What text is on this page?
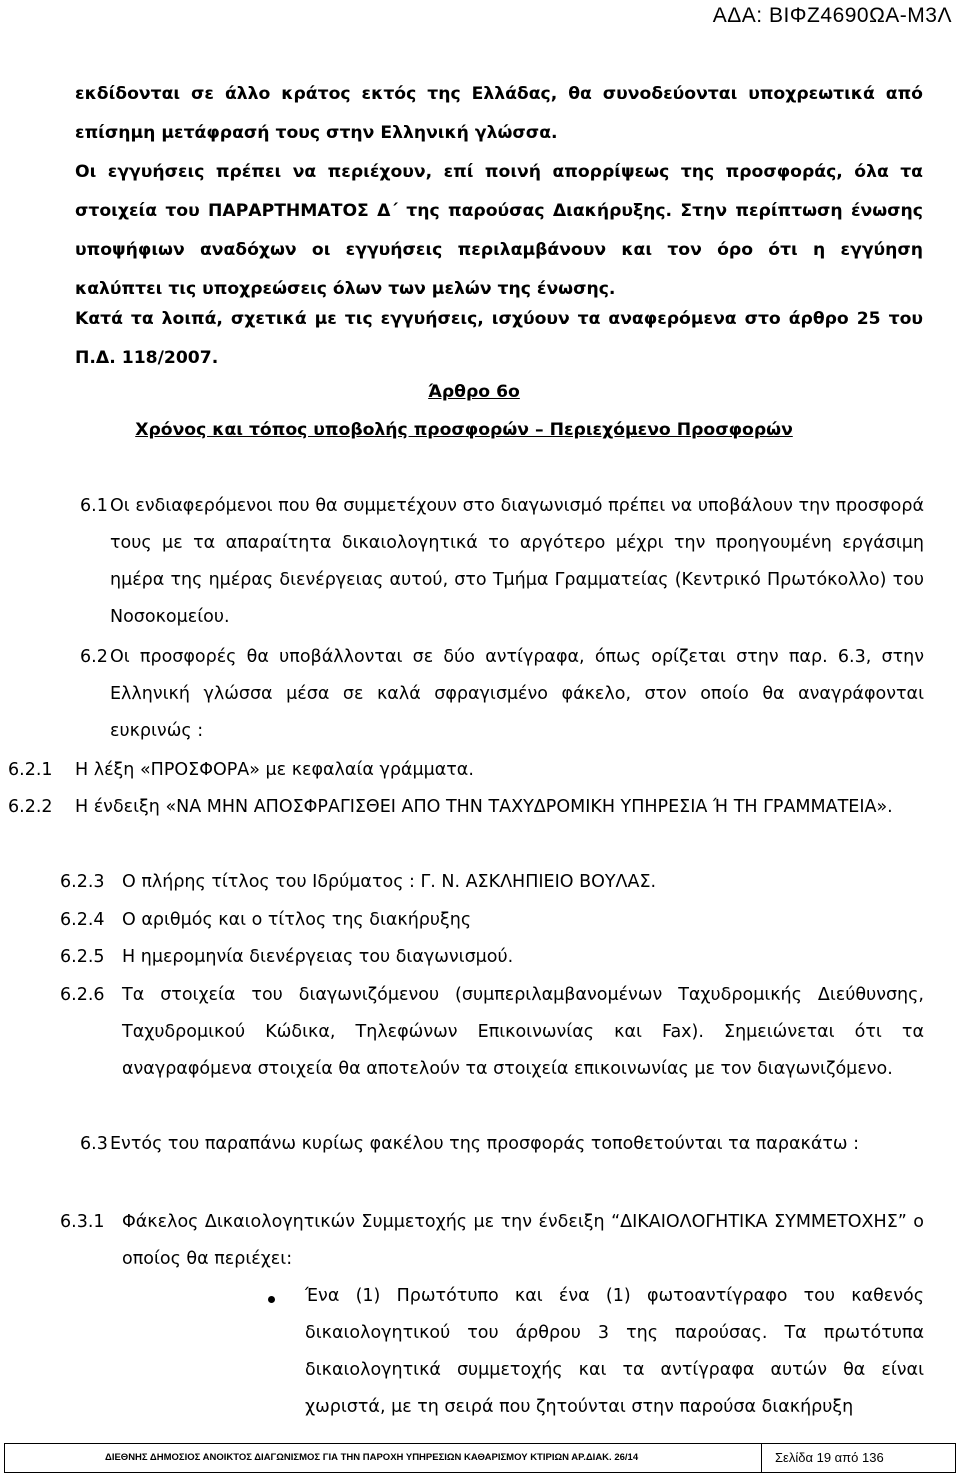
ΑΔΑ: ΒΙΦΖ4690ΩΑ-Μ3Λ
εκδίδονται σε άλλο κράτος εκτός της Ελλάδας, θα συνοδεύονται υποχρεωτικά από
επίσημη μετάφρασή τους στην Ελληνική γλώσσα.

Οι εγγυήσεις πρέπει να περιέχουν, επί ποινή απορρίψεως της προσφοράς, όλα τα στοιχεία του ΠΑΡΑΡΤΗΜΑΤΟΣ Δ΄ της παρούσας Διακήρυξης. Στην περίπτωση ένωσης υποψήφιων αναδόχων οι εγγυήσεις περιλαμβάνουν και τον όρο ότι η εγγύηση καλύπτει τις υποχρεώσεις όλων των μελών της ένωσης.

Κατά τα λοιπά, σχετικά με τις εγγυήσεις, ισχύουν τα αναφερόμενα στο άρθρο 25 του Π.Δ. 118/2007.

Άρθρο 6ο
Χρόνος και τόπος υποβολής προσφορών – Περιεχόμενο Προσφορών
6.1 Οι ενδιαφερόμενοι που θα συμμετέχουν στο διαγωνισμό πρέπει να υποβάλουν την προσφορά τους με τα απαραίτητα δικαιολογητικά το αργότερο μέχρι την προηγουμένη εργάσιμη ημέρα της ημέρας διενέργειας αυτού, στο Τμήμα Γραμματείας (Κεντρικό Πρωτόκολλο) του Νοσοκομείου.

6.2 Οι προσφορές θα υποβάλλονται σε δύο αντίγραφα, όπως ορίζεται στην παρ. 6.3, στην Ελληνική γλώσσα μέσα σε καλά σφραγισμένο φάκελο, στον οποίο θα αναγράφονται ευκρινώς :

6.2.1 Η λέξη «ΠΡΟΣΦΟΡΑ» με κεφαλαία γράμματα.
6.2.2 Η ένδειξη «ΝΑ ΜΗΝ ΑΠΟΣΦΡΑΓΙΣΘΕΙ ΑΠΟ ΤΗΝ ΤΑΧΥΔΡΟΜΙΚΗ ΥΠΗΡΕΣΙΑ Ή ΤΗ ΓΡΑΜΜΑΤΕΙΑ».

6.2.3 Ο πλήρης τίτλος του Ιδρύματος : Γ. Ν. ΑΣΚΛΗΠΙΕΙΟ ΒΟΥΛΑΣ.
6.2.4 Ο αριθμός και ο τίτλος της διακήρυξης
6.2.5 Η ημερομηνία διενέργειας του διαγωνισμού.
6.2.6 Τα στοιχεία του διαγωνιζόμενου (συμπεριλαμβανομένων Ταχυδρομικής Διεύθυνσης, Ταχυδρομικού Κώδικα, Τηλεφώνων Επικοινωνίας και Fax). Σημειώνεται ότι τα αναγραφόμενα στοιχεία θα αποτελούν τα στοιχεία επικοινωνίας με τον διαγωνιζόμενο.

6.3 Εντός του παραπάνω κυρίως φακέλου της προσφοράς τοποθετούνται τα παρακάτω :

6.3.1 Φάκελος Δικαιολογητικών Συμμετοχής με την ένδειξη “ΔΙΚΑΙΟΛΟΓΗΤΙΚΑ ΣΥΜΜΕΤΟΧΗΣ” ο οποίος θα περιέχει:

Ένα (1) Πρωτότυπο και ένα (1) φωτοαντίγραφο του καθενός δικαιολογητικού του άρθρου 3 της παρούσας. Τα πρωτότυπα δικαιολογητικά συμμετοχής και τα αντίγραφα αυτών θα είναι χωριστά, με τη σειρά που ζητούνται στην παρούσα διακήρυξη

ΔΙΕΘΝΗΣ ΔΗΜΟΣΙΟΣ ΑΝΟΙΚΤΟΣ ΔΙΑΓΩΝΙΣΜΟΣ ΓΙΑ ΤΗΝ ΠΑΡΟΧΗ ΥΠΗΡΕΣΙΩΝ ΚΑΘΑΡΙΣΜΟΥ ΚΤΙΡΙΩΝ ΑΡ.ΔΙΑΚ. 26/14	Σελίδα 19 από 136
